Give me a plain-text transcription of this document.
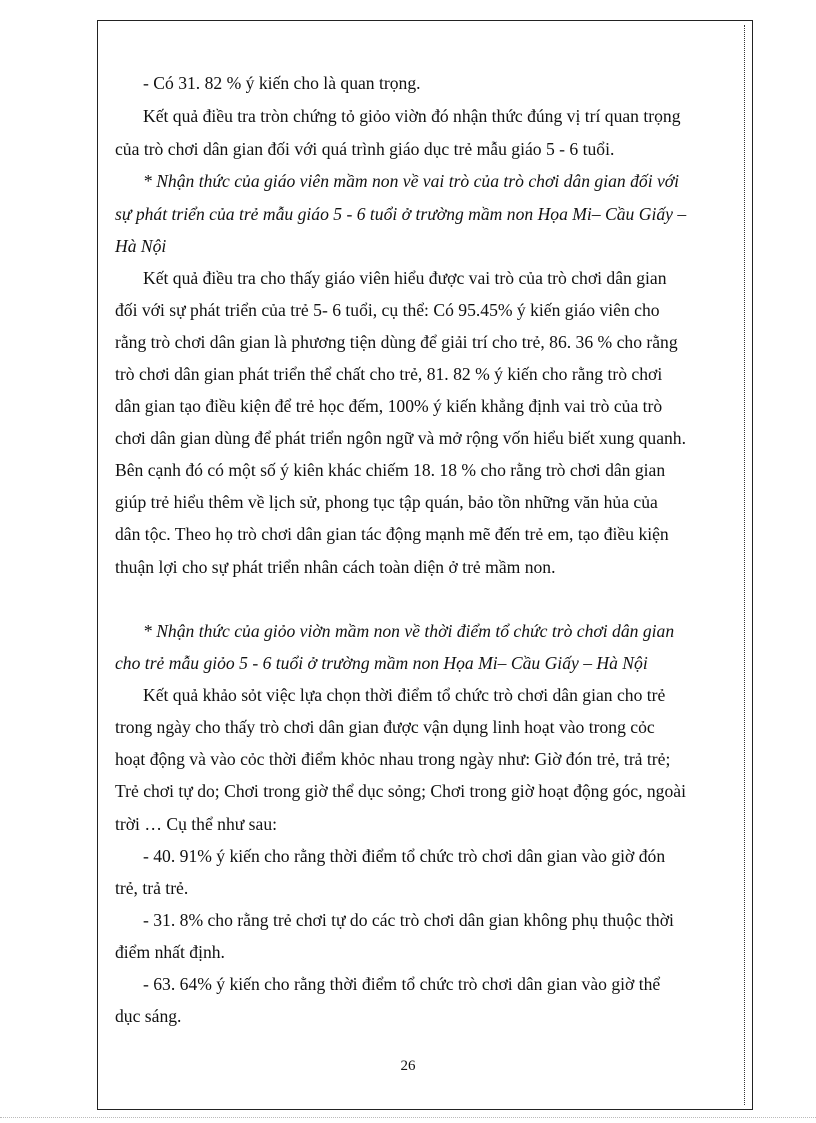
- Có 31. 82 % ý kiến cho là quan trọng.
Kết quả điều tra tròn chứng tỏ giỏo viờn đó nhận thức đúng vị trí quan trọng
của trò chơi dân gian đối với quá trình giáo dục trẻ mẫu giáo 5 - 6 tuổi.
* Nhận thức của giáo viên mầm non về vai trò của trò chơi dân gian đối với
sự phát triển của trẻ mẫu giáo 5 - 6 tuổi ở trường mầm non Họa Mi– Cầu Giấy –
Hà Nội
Kết quả điều tra cho thấy giáo viên hiểu được vai trò của trò chơi dân gian
đối với sự phát triển của trẻ 5- 6 tuổi, cụ thể: Có 95.45% ý kiến giáo viên cho
rằng trò chơi dân gian là phương tiện dùng để giải trí cho trẻ, 86. 36 % cho rằng
trò chơi dân gian phát triển thể chất cho trẻ, 81. 82 % ý kiến cho rằng trò chơi
dân gian tạo điều kiện để trẻ học đếm, 100% ý kiến khẳng định vai trò của trò
chơi dân gian dùng để phát triển ngôn ngữ và mở rộng vốn hiểu biết xung quanh.
Bên cạnh đó có một số ý kiên khác chiếm 18. 18 % cho rằng trò chơi dân gian
giúp trẻ hiểu thêm về lịch sử, phong tục tập quán, bảo tồn những văn hủa của
dân tộc. Theo họ trò chơi dân gian tác động mạnh mẽ đến trẻ em, tạo điều kiện
thuận lợi cho sự phát triển nhân cách toàn diện ở trẻ mầm non.
* Nhận thức của giỏo viờn mầm non về thời điểm tổ chức trò chơi dân gian
cho trẻ mẫu giỏo 5 - 6 tuổi ở trường mầm non Họa Mi– Cầu Giấy – Hà Nội
Kết quả khảo sỏt việc lựa chọn thời điểm tổ chức trò chơi dân gian cho trẻ
trong ngày cho thấy trò chơi dân gian được vận dụng linh hoạt vào trong cỏc
hoạt động và vào cỏc thời điểm khỏc nhau trong ngày như: Giờ đón trẻ, trả trẻ;
Trẻ chơi tự do; Chơi trong giờ thể dục sỏng; Chơi trong giờ hoạt động góc, ngoài
trời … Cụ thể như sau:
- 40. 91% ý kiến cho rằng thời điểm tổ chức trò chơi dân gian vào giờ đón
trẻ, trả trẻ.
- 31. 8% cho rằng trẻ chơi tự do các trò chơi dân gian không phụ thuộc thời
điểm nhất định.
- 63. 64% ý kiến cho rằng thời điểm tổ chức trò chơi dân gian vào giờ thể
dục sáng.
26
